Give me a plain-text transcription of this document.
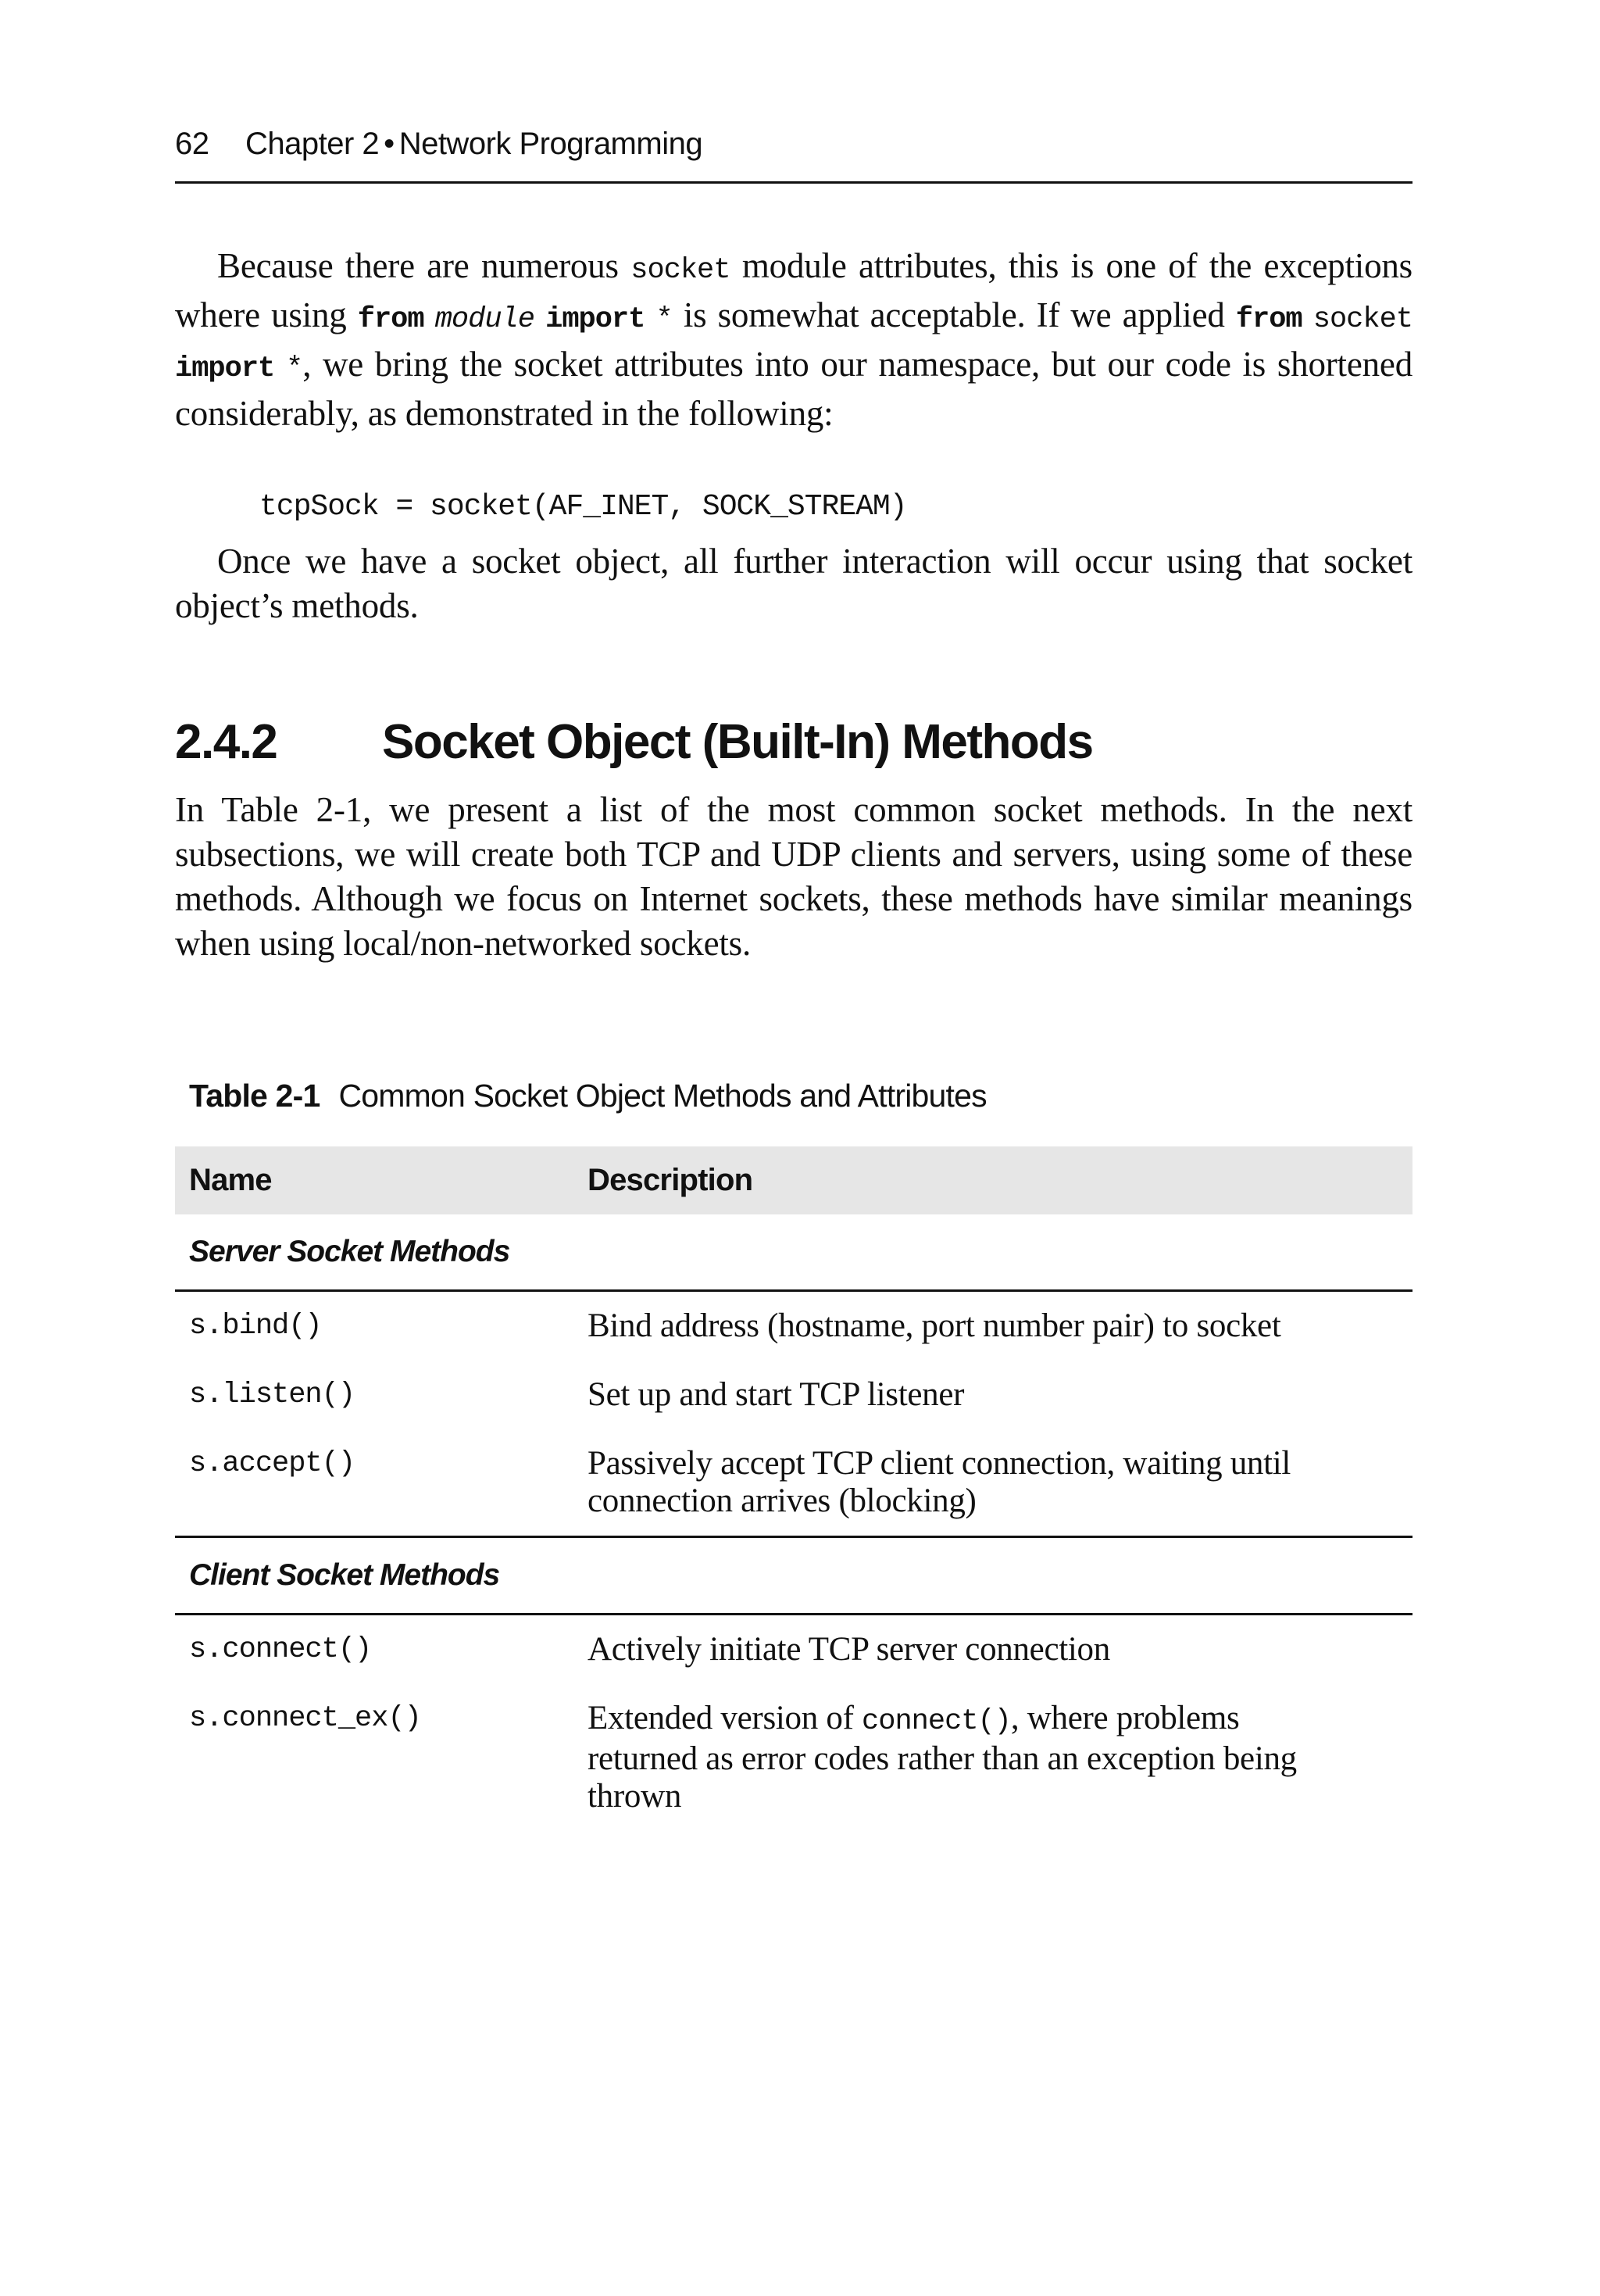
62 Chapter 2 • Network Programming

Because there are numerous socket module attributes, this is one of the exceptions where using from module import * is somewhat acceptable. If we applied from socket import *, we bring the socket attributes into our namespace, but our code is shortened considerably, as demonstrated in the following:

tcpSock = socket(AF_INET, SOCK_STREAM)

Once we have a socket object, all further interaction will occur using that socket object’s methods.

2.4.2 Socket Object (Built-In) Methods

In Table 2-1, we present a list of the most common socket methods. In the next subsections, we will create both TCP and UDP clients and servers, using some of these methods. Although we focus on Internet sockets, these methods have similar meanings when using local/non-networked sockets.

Table 2-1 Common Socket Object Methods and Attributes
Name	Description
Server Socket Methods
s.bind()	Bind address (hostname, port number pair) to socket
s.listen()	Set up and start TCP listener
s.accept()	Passively accept TCP client connection, waiting until connection arrives (blocking)
Client Socket Methods
s.connect()	Actively initiate TCP server connection
s.connect_ex()	Extended version of connect(), where problems returned as error codes rather than an exception being thrown
